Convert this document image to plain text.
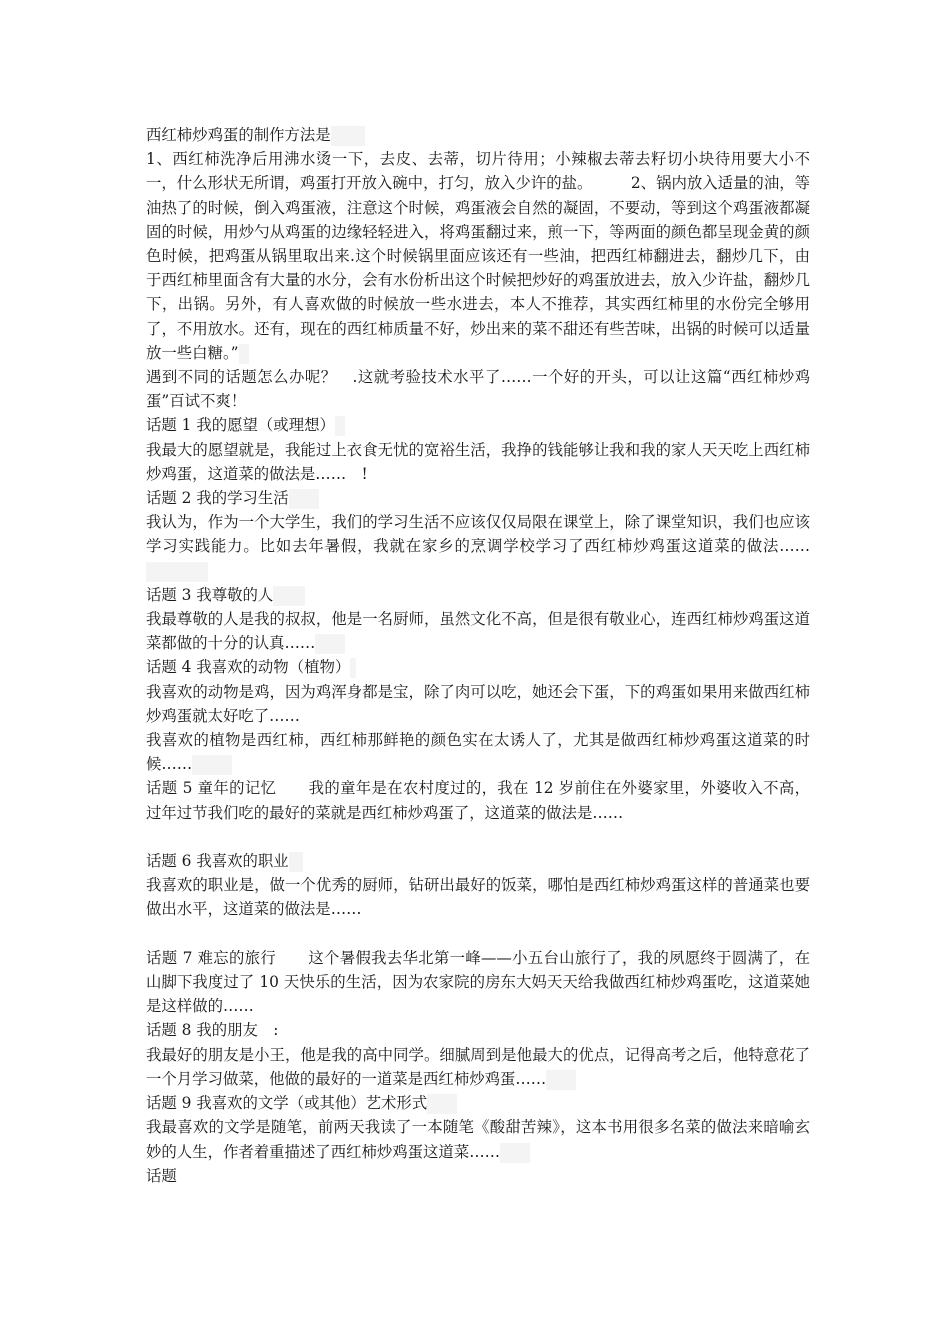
西红柿炒鸡蛋的制作方法是
1、西红柿洗净后用沸水烫一下，去皮、去蒂，切片待用；小辣椒去蒂去籽切小块待用要大小不一，什么形状无所谓，鸡蛋打开放入碗中，打匀，放入少许的盐。　　　2、锅内放入适量的油，等油热了的时候，倒入鸡蛋液，注意这个时候，鸡蛋液会自然的凝固，不要动，等到这个鸡蛋液都凝固的时候，用炒勺从鸡蛋的边缘轻轻进入，将鸡蛋翻过来，煎一下，等两面的颜色都呈现金黄的颜色时候，把鸡蛋从锅里取出来.这个时候锅里面应该还有一些油，把西红柿翻进去，翻炒几下，由于西红柿里面含有大量的水分，会有水份析出这个时候把炒好的鸡蛋放进去，放入少许盐，翻炒几下，出锅。另外，有人喜欢做的时候放一些水进去，本人不推荐，其实西红柿里的水份完全够用了，不用放水。还有，现在的西红柿质量不好，炒出来的菜不甜还有些苦味，出锅的时候可以适量放一些白糖。”
遇到不同的话题怎么办呢？　.这就考验技术水平了……一个好的开头，可以让这篇“西红柿炒鸡蛋”百试不爽！
话题 1 我的愿望（或理想）
我最大的愿望就是，我能过上衣食无忧的宽裕生活，我挣的钱能够让我和我的家人天天吃上西红柿炒鸡蛋，这道菜的做法是……　!
话题 2 我的学习生活
我认为，作为一个大学生，我们的学习生活不应该仅仅局限在课堂上，除了课堂知识，我们也应该学习实践能力。比如去年暑假，我就在家乡的烹调学校学习了西红柿炒鸡蛋这道菜的做法……
话题 3 我尊敬的人
我最尊敬的人是我的叔叔，他是一名厨师，虽然文化不高，但是很有敬业心，连西红柿炒鸡蛋这道菜都做的十分的认真……
话题 4 我喜欢的动物（植物）
我喜欢的动物是鸡，因为鸡浑身都是宝，除了肉可以吃，她还会下蛋，下的鸡蛋如果用来做西红柿炒鸡蛋就太好吃了……
我喜欢的植物是西红柿，西红柿那鲜艳的颜色实在太诱人了，尤其是做西红柿炒鸡蛋这道菜的时候……
话题 5 童年的记忆 我的童年是在农村度过的，我在 12 岁前住在外婆家里，外婆收入不高，过年过节我们吃的最好的菜就是西红柿炒鸡蛋了，这道菜的做法是……
话题 6 我喜欢的职业
我喜欢的职业是，做一个优秀的厨师，钻研出最好的饭菜，哪怕是西红柿炒鸡蛋这样的普通菜也要做出水平，这道菜的做法是……
话题 7 难忘的旅行 这个暑假我去华北第一峰——小五台山旅行了，我的夙愿终于圆满了，在山脚下我度过了 10 天快乐的生活，因为农家院的房东大妈天天给我做西红柿炒鸡蛋吃，这道菜她是这样做的……
话题 8 我的朋友　:
我最好的朋友是小王，他是我的高中同学。细腻周到是他最大的优点，记得高考之后，他特意花了一个月学习做菜，他做的最好的一道菜是西红柿炒鸡蛋……
话题 9 我喜欢的文学（或其他）艺术形式
我最喜欢的文学是随笔，前两天我读了一本随笔《酸甜苦辣》，这本书用很多名菜的做法来暗喻玄妙的人生，作者着重描述了西红柿炒鸡蛋这道菜……
话题
